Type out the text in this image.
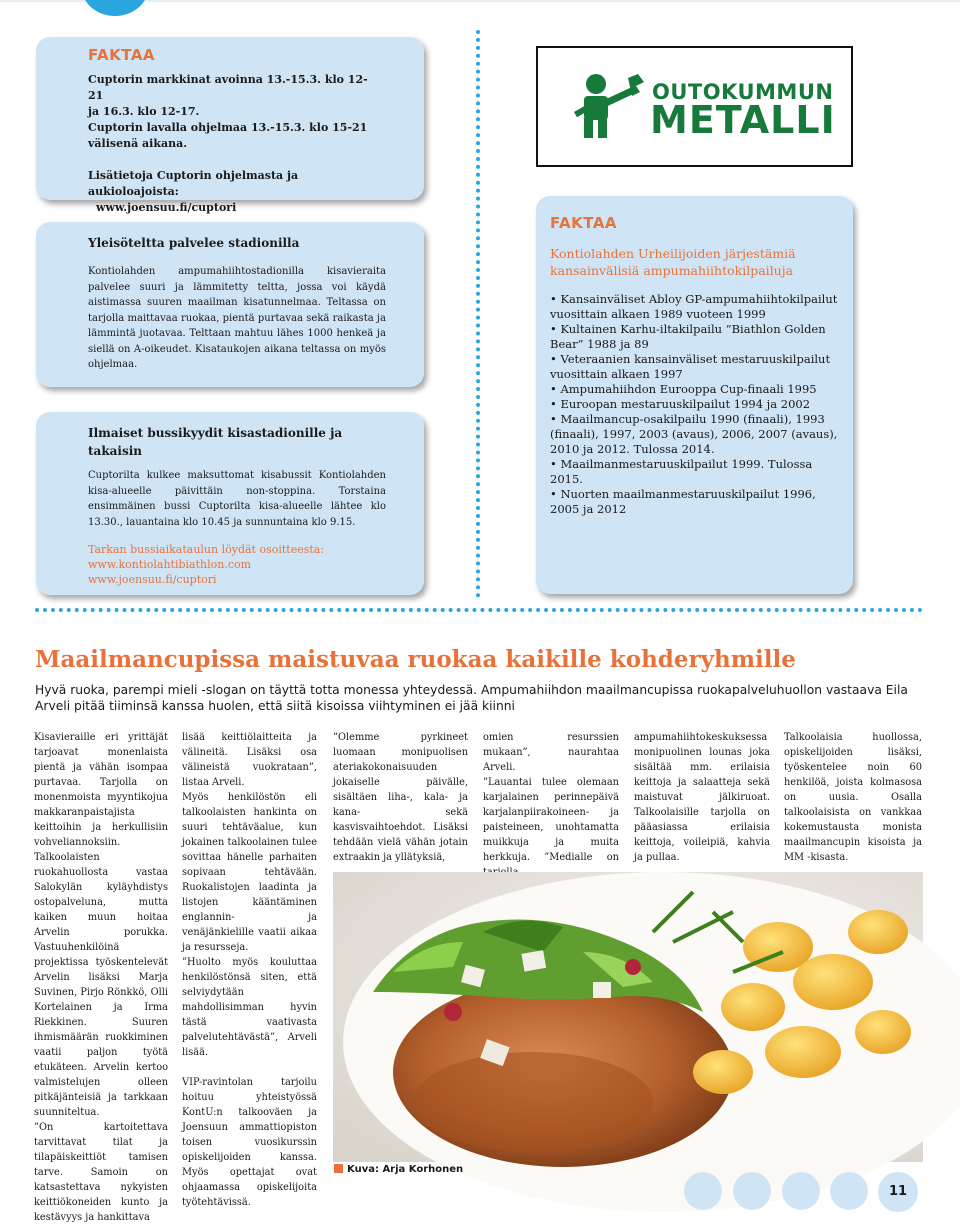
FAKTAA
Cuptorin markkinat avoinna 13.-15.3. klo 12-21
ja 16.3. klo 12-17.
Cuptorin lavalla ohjelmaa 13.-15.3. klo 15-21
välisenä aikana.
Lisätietoja Cuptorin ohjelmasta ja aukioloajoista:
www.joensuu.fi/cuptori
Yleisöteltta palvelee stadionilla
Kontiolahden ampumahiihtostadionilla kisavieraita palvelee suuri ja lämmitetty teltta, jossa voi käydä aistimassa suuren maailman kisatunnelmaa. Teltassa on tarjolla maittavaa ruokaa, pientä purtavaa sekä raikasta ja lämmintä juotavaa. Telttaan mahtuu lähes 1000 henkeä ja siellä on A-oikeudet. Kisataukojen aikana teltassa on myös ohjelmaa.
Ilmaiset bussikyydit kisastadionille ja takaisin
Cuptorilta kulkee maksuttomat kisabussit Kontiolahden kisa-alueelle päivittäin non-stoppina. Torstaina ensimmäinen bussi Cuptorilta kisa-alueelle lähtee klo 13.30., lauantaina klo 10.45 ja sunnuntaina klo 9.15.
Tarkan bussiaikataulun löydät osoitteesta:
www.kontiolahtibiathlon.com
www.joensuu.fi/cuptori
OUTOKUMMUN
METALLI
FAKTAA
Kontiolahden Urheilijoiden järjestämiä kansainvälisiä ampumahiihtokilpailuja
• Kansainväliset Abloy GP-ampumahiihtokilpailut vuosittain alkaen 1989 vuoteen 1999
• Kultainen Karhu-iltakilpailu ”Biathlon Golden Bear” 1988 ja 89
• Veteraanien kansainväliset mestaruuskilpailut vuosittain alkaen 1997
• Ampumahiihdon Eurooppa Cup-finaali 1995
• Euroopan mestaruuskilpailut 1994 ja 2002
• Maailmancup-osakilpailu 1990 (finaali), 1993 (finaali), 1997, 2003 (avaus), 2006, 2007 (avaus), 2010 ja 2012. Tulossa 2014.
• Maailmanmestaruuskilpailut 1999. Tulossa 2015.
• Nuorten maailmanmestaruuskilpailut 1996, 2005 ja 2012
Maailmancupissa maistuvaa ruokaa kaikille kohderyhmille
Hyvä ruoka, parempi mieli -slogan on täyttä totta monessa yhteydessä. Ampumahiihdon maailmancupissa ruokapalveluhuollon vastaava Eila Arveli pitää tiiminsä kanssa huolen, että siitä kisoissa viihtyminen ei jää kiinni

Kisavieraille eri yrittäjät tarjoavat monenlaista pientä ja vähän isompaa purtavaa. Tarjolla on monenmoista myyntikojua makkaranpaistajista keittoihin ja herkullisiin vohveliannoksiin. Talkoolaisten ruokahuollosta vastaa Salokylän kyläyhdistys ostopalveluna, mutta kaiken muun hoitaa Arvelin porukka. Vastuuhenkilöinä projektissa työskentelevät Arvelin lisäksi Marja Suvinen, Pirjo Rönkkö, Olli Kortelainen ja Irma Riekkinen. Suuren ihmismäärän ruokkiminen vaatii paljon työtä etukäteen. Arvelin kertoo valmistelujen olleen pitkäjänteisiä ja tarkkaan suunniteltua.

”On kartoitettava tarvittavat tilat ja tilapäiskeittiöt tamisen tarve. Samoin on katsastettava nykyisten keittiökoneiden kunto ja kestävyys ja hankittava

lisää keittiölaitteita ja välineitä. Lisäksi osa välineistä vuokrataan”, listaa Arveli.

Myös henkilöstön eli talkoolaisten hankinta on suuri tehtäväalue, kun jokainen talkoolainen tulee sovittaa hänelle parhaiten sopivaan tehtävään. Ruokalistojen laadinta ja listojen kääntäminen englannin- ja venäjänkielille vaatii aikaa ja resursseja.

”Huolto myös kouluttaa henkilöstönsä siten, että selviydytään mahdollisimman hyvin tästä vaativasta palvelutehtävästä”, Arveli lisää.

VIP-ravintolan tarjoilu hoituu yhteistyössä KontU:n talkooväen ja Joensuun ammattiopiston toisen vuosikurssin opiskelijoiden kanssa. Myös opettajat ovat ohjaamassa opiskelijoita työtehtävissä.

”Olemme pyrkineet luomaan monipuolisen ateriakokonaisuuden jokaiselle päivälle, sisältäen liha-, kala- ja kana- sekä kasvisvaihtoehdot. Lisäksi tehdään vielä vähän jotain extraakin ja yllätyksiä,

omien resurssien mukaan”, naurahtaa Arveli.

”Lauantai tulee olemaan karjalainen perinnepäivä karjalanpiirakoineen- ja paisteineen, unohtamatta muikkuja ja muita herkkuja. ”Medialle on

ampumahiihtokeskuksessa monipuolinen lounas joka sisältää mm. erilaisia keittoja ja salaatteja sekä maistuvat jälkiruoat. Talkoolaisille tarjolla on pääasiassa erilaisia keittoja, voileipiä, kahvia ja pullaa.

Talkoolaisia huollossa, opiskelijoiden lisäksi, työskentelee noin 60 henkilöä, joista kolmasosa on uusia. Osalla talkoolaisista on vankkaa kokemustausta monista maailmancupin kisoista ja MM -kisasta.

Kuva: Arja Korhonen
11
